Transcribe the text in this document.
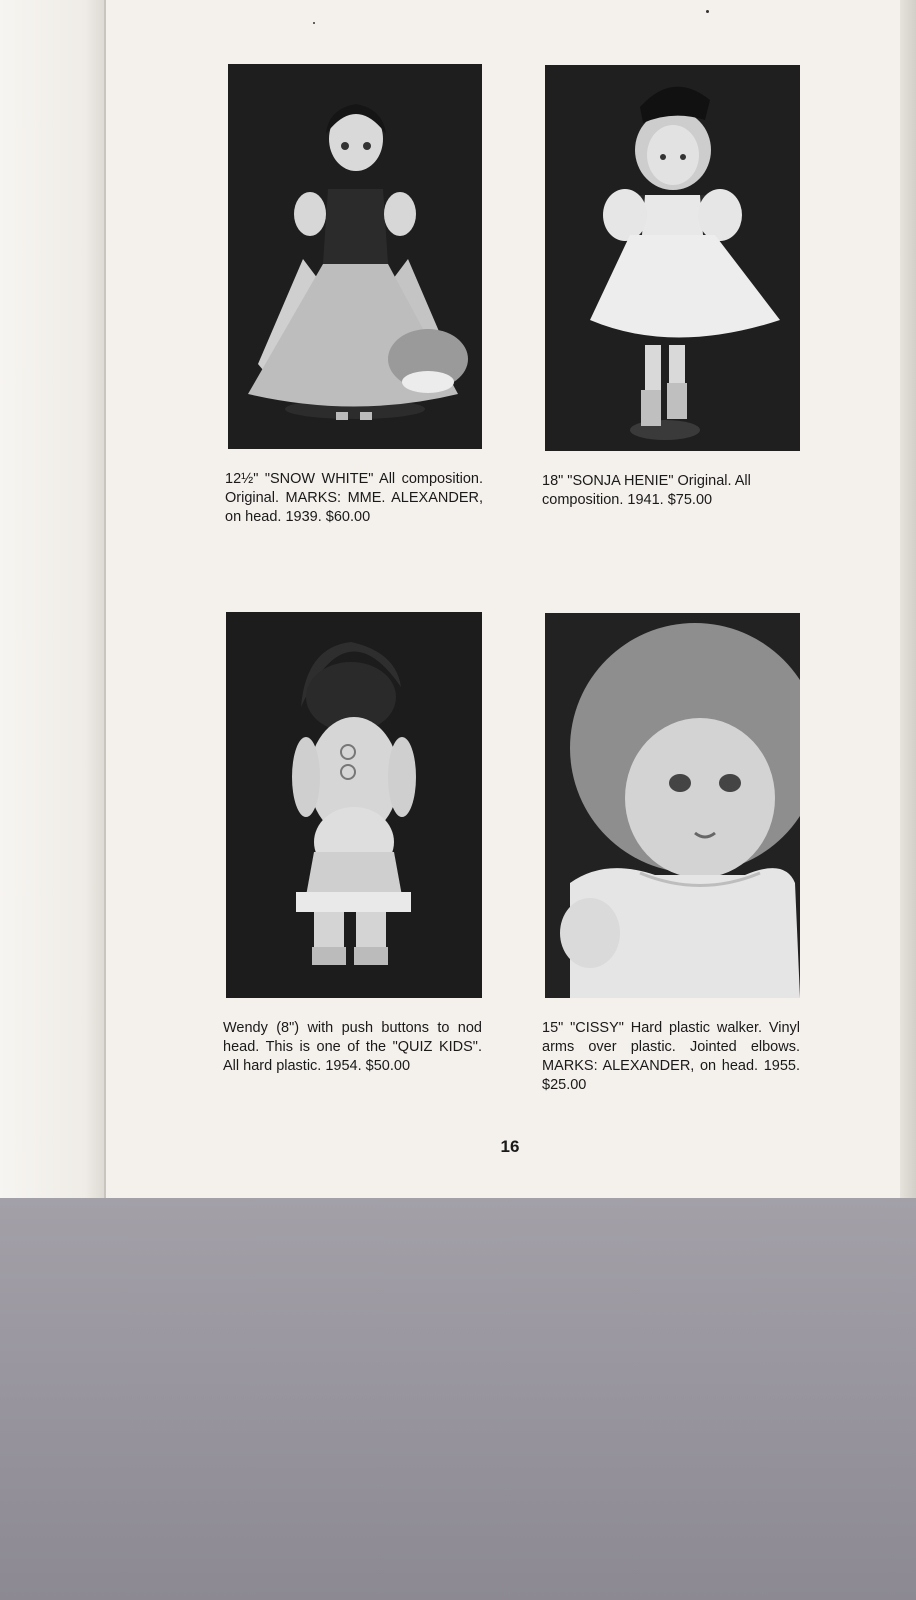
12½" "SNOW WHITE" All composition. Original. MARKS: MME. ALEXANDER, on head. 1939. $60.00

18" "SONJA HENIE" Original. All composition. 1941. $75.00

Wendy (8") with push buttons to nod head. This is one of the "QUIZ KIDS". All hard plastic. 1954. $50.00

15" "CISSY" Hard plastic walker. Vinyl arms over plastic. Jointed elbows. MARKS: ALEXANDER, on head. 1955. $25.00

16
